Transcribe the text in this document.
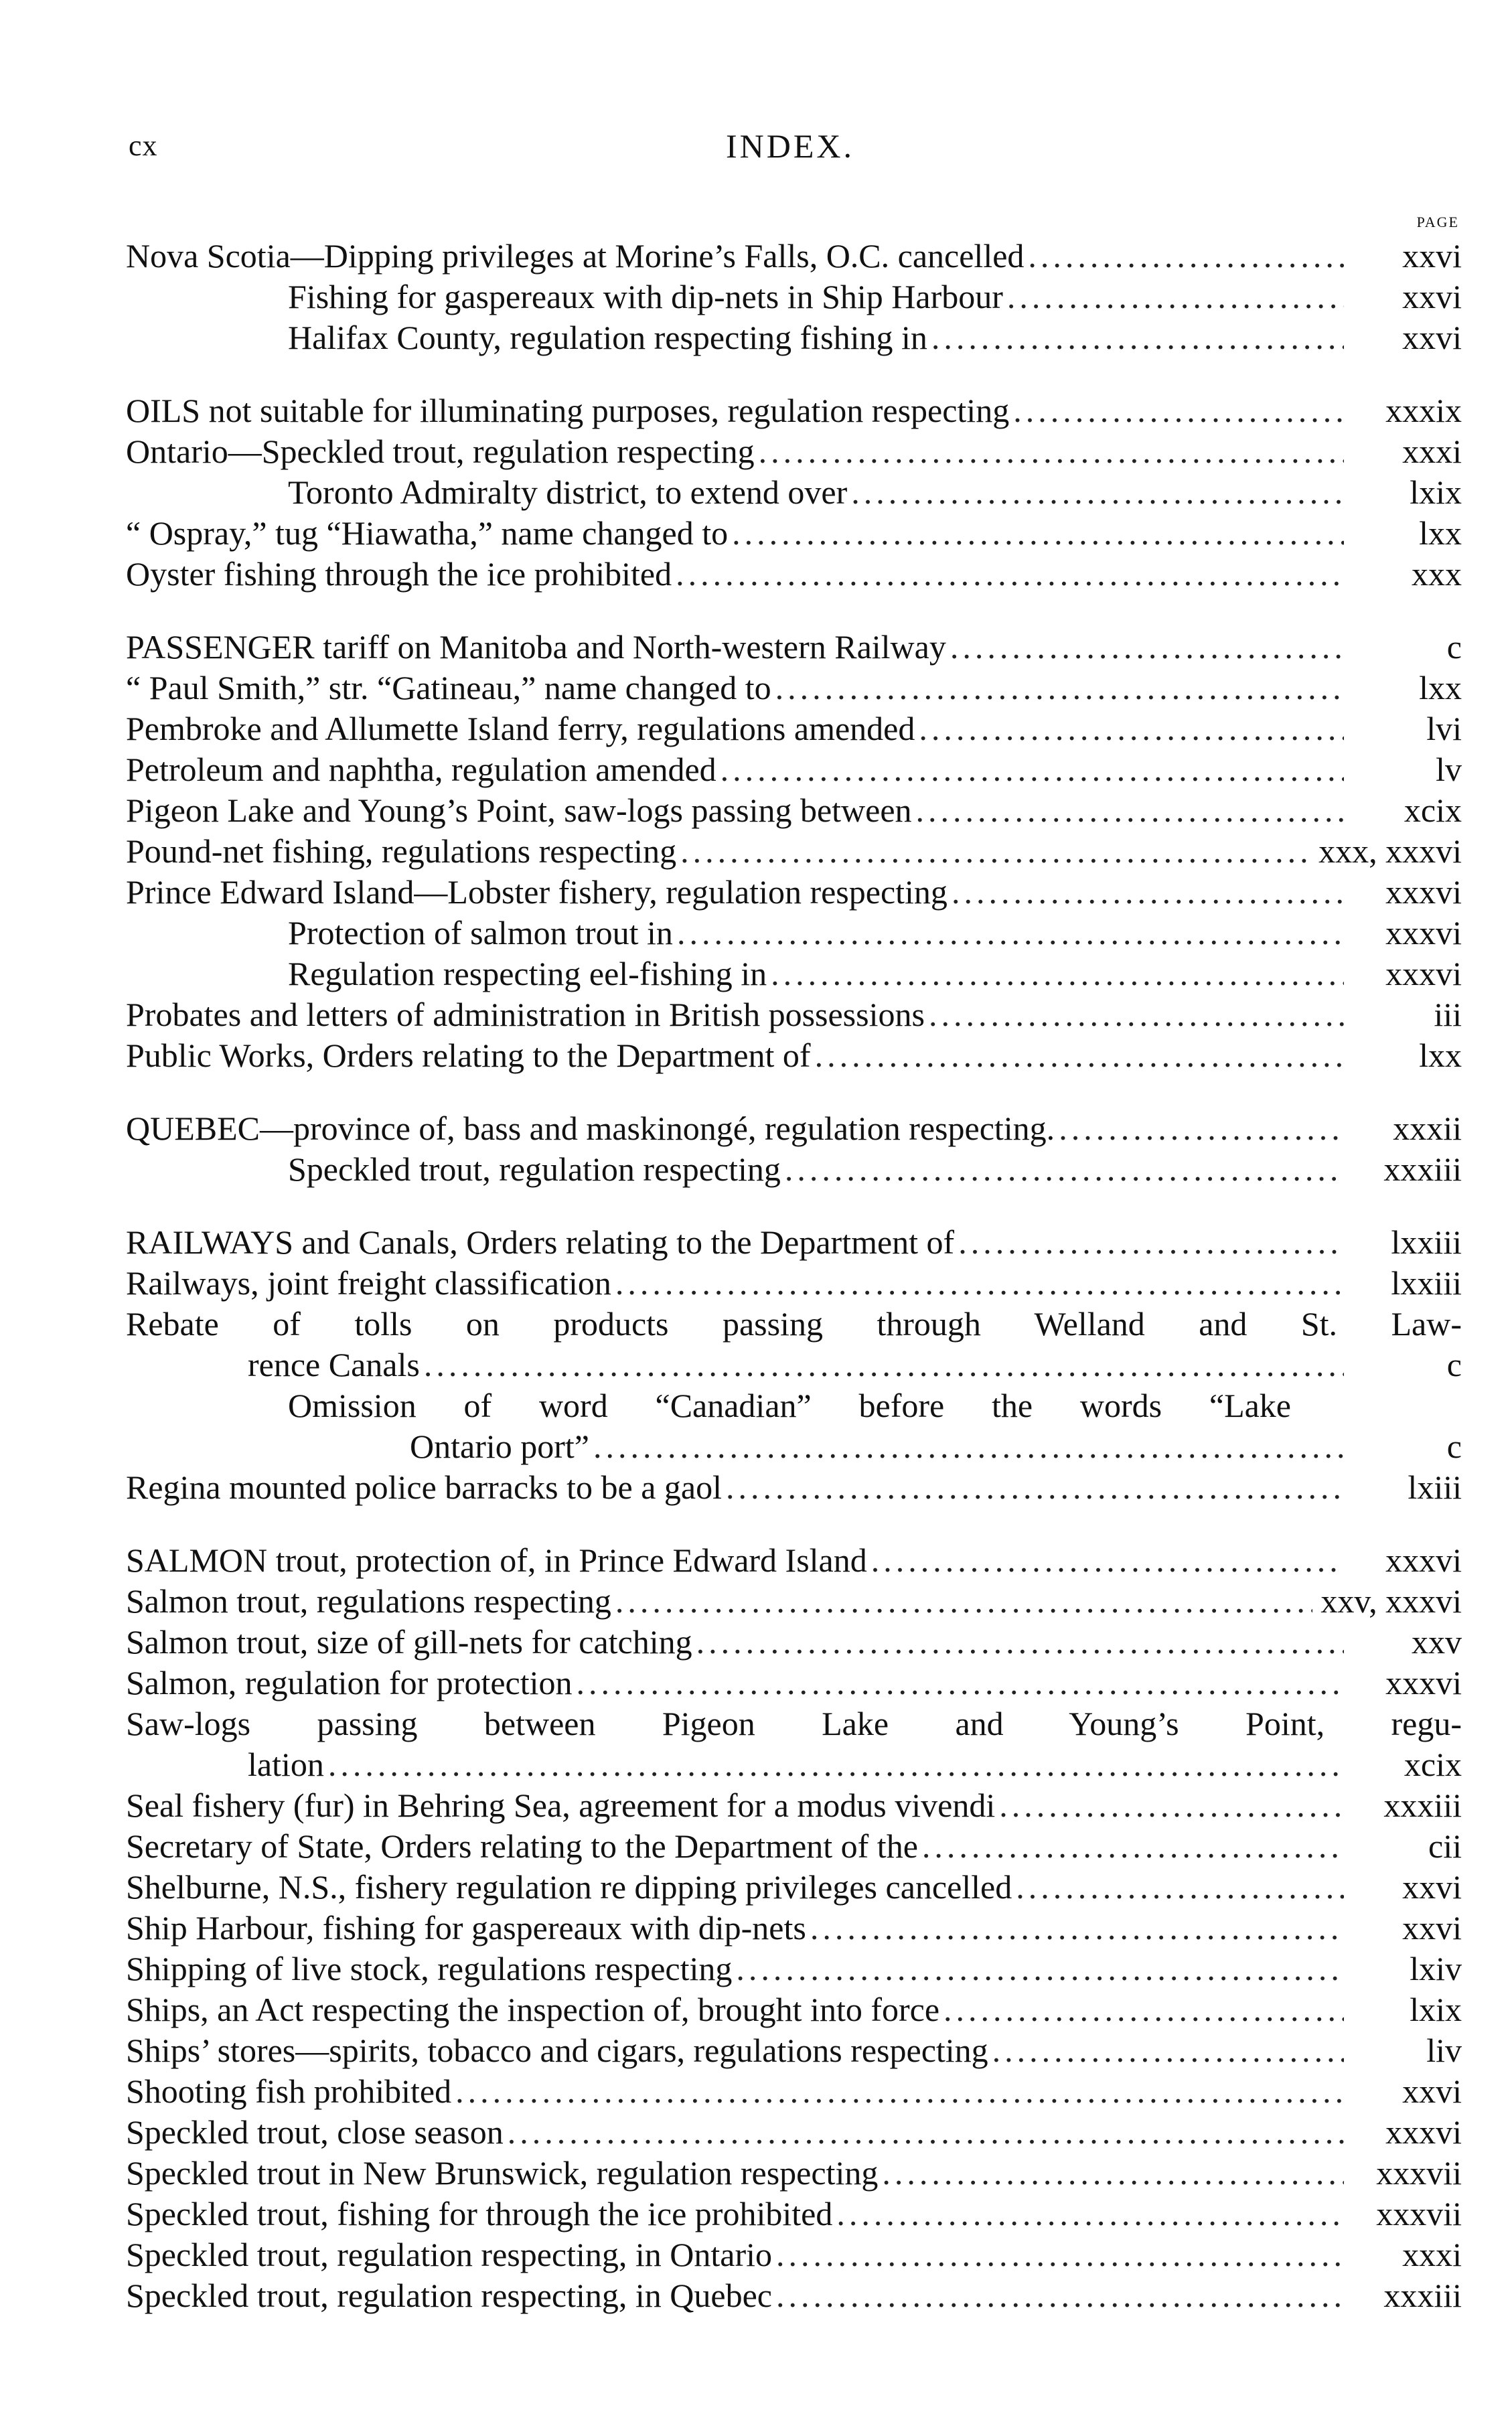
cx	INDEX.
PAGE
Nova Scotia—Dipping privileges at Morine’s Falls, O.C. cancelled .....	xxvi
Fishing for gaspereaux with dip-nets in Ship Harbour .....	xxvi
Halifax County, regulation respecting fishing in .....	xxvi
OILS not suitable for illuminating purposes, regulation respecting .....	xxxix
Ontario—Speckled trout, regulation respecting .....	xxxi
Toronto Admiralty district, to extend over .....	lxix
“ Ospray,” tug “Hiawatha,” name changed to .....	lxx
Oyster fishing through the ice prohibited .....	xxx
PASSENGER tariff on Manitoba and North-western Railway .....	c
“ Paul Smith,” str. “Gatineau,” name changed to .....	lxx
Pembroke and Allumette Island ferry, regulations amended .....	lvi
Petroleum and naphtha, regulation amended .....	lv
Pigeon Lake and Young’s Point, saw-logs passing between .....	xcix
Pound-net fishing, regulations respecting .....	xxx, xxxvi
Prince Edward Island—Lobster fishery, regulation respecting .....	xxxvi
Protection of salmon trout in .....	xxxvi
Regulation respecting eel-fishing in .....	xxxvi
Probates and letters of administration in British possessions .....	iii
Public Works, Orders relating to the Department of .....	lxx
QUEBEC—province of, bass and maskinongé, regulation respecting. .....	xxxii
Speckled trout, regulation respecting .....	xxxiii
RAILWAYS and Canals, Orders relating to the Department of .....	lxxiii
Railways, joint freight classification .....	lxxiii
Rebate of tolls on products passing through Welland and St. Law-
rence Canals .....	c
Omission of word “Canadian” before the words “Lake
Ontario port” .....	c
Regina mounted police barracks to be a gaol .....	lxiii
SALMON trout, protection of, in Prince Edward Island .....	xxxvi
Salmon trout, regulations respecting .....	xxv, xxxvi
Salmon trout, size of gill-nets for catching .....	xxv
Salmon, regulation for protection .....	xxxvi
Saw-logs passing between Pigeon Lake and Young’s Point, regu-
lation .....	xcix
Seal fishery (fur) in Behring Sea, agreement for a modus vivendi .....	xxxiii
Secretary of State, Orders relating to the Department of the .....	cii
Shelburne, N.S., fishery regulation re dipping privileges cancelled .....	xxvi
Ship Harbour, fishing for gaspereaux with dip-nets .....	xxvi
Shipping of live stock, regulations respecting .....	lxiv
Ships, an Act respecting the inspection of, brought into force .....	lxix
Ships’ stores—spirits, tobacco and cigars, regulations respecting .....	liv
Shooting fish prohibited .....	xxvi
Speckled trout, close season .....	xxxvi
Speckled trout in New Brunswick, regulation respecting .....	xxxvii
Speckled trout, fishing for through the ice prohibited .....	xxxvii
Speckled trout, regulation respecting, in Ontario .....	xxxi
Speckled trout, regulation respecting, in Quebec .....	xxxiii
